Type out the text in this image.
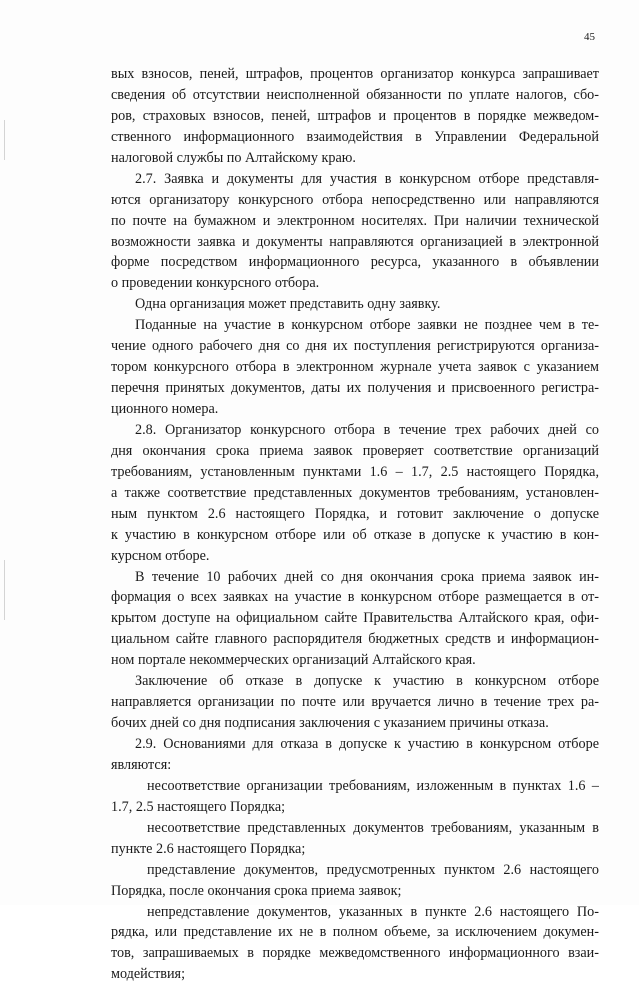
45
вых взносов, пеней, штрафов, процентов организатор конкурса запрашивает
сведения об отсутствии неисполненной обязанности по уплате налогов, сбо-
ров, страховых взносов, пеней, штрафов и процентов в порядке межведом-
ственного информационного взаимодействия в Управлении Федеральной
налоговой службы по Алтайскому краю.
2.7. Заявка и документы для участия в конкурсном отборе представля-
ются организатору конкурсного отбора непосредственно или направляются
по почте на бумажном и электронном носителях. При наличии технической
возможности заявка и документы направляются организацией в электронной
форме посредством информационного ресурса, указанного в объявлении
о проведении конкурсного отбора.
Одна организация может представить одну заявку.
Поданные на участие в конкурсном отборе заявки не позднее чем в те-
чение одного рабочего дня со дня их поступления регистрируются организа-
тором конкурсного отбора в электронном журнале учета заявок с указанием
перечня принятых документов, даты их получения и присвоенного регистра-
ционного номера.
2.8. Организатор конкурсного отбора в течение трех рабочих дней со
дня окончания срока приема заявок проверяет соответствие организаций
требованиям, установленным пунктами 1.6 – 1.7, 2.5 настоящего Порядка,
а также соответствие представленных документов требованиям, установлен-
ным пунктом 2.6 настоящего Порядка, и готовит заключение о допуске
к участию в конкурсном отборе или об отказе в допуске к участию в кон-
курсном отборе.
В течение 10 рабочих дней со дня окончания срока приема заявок ин-
формация о всех заявках на участие в конкурсном отборе размещается в от-
крытом доступе на официальном сайте Правительства Алтайского края, офи-
циальном сайте главного распорядителя бюджетных средств и информацион-
ном портале некоммерческих организаций Алтайского края.
Заключение об отказе в допуске к участию в конкурсном отборе
направляется организации по почте или вручается лично в течение трех ра-
бочих дней со дня подписания заключения с указанием причины отказа.
2.9. Основаниями для отказа в допуске к участию в конкурсном отборе
являются:
несоответствие организации требованиям, изложенным в пунктах 1.6 –
1.7, 2.5 настоящего Порядка;
несоответствие представленных документов требованиям, указанным в
пункте 2.6 настоящего Порядка;
представление документов, предусмотренных пунктом 2.6 настоящего
Порядка, после окончания срока приема заявок;
непредставление документов, указанных в пункте 2.6 настоящего По-
рядка, или представление их не в полном объеме, за исключением докумен-
тов, запрашиваемых в порядке межведомственного информационного взаи-
модействия;
